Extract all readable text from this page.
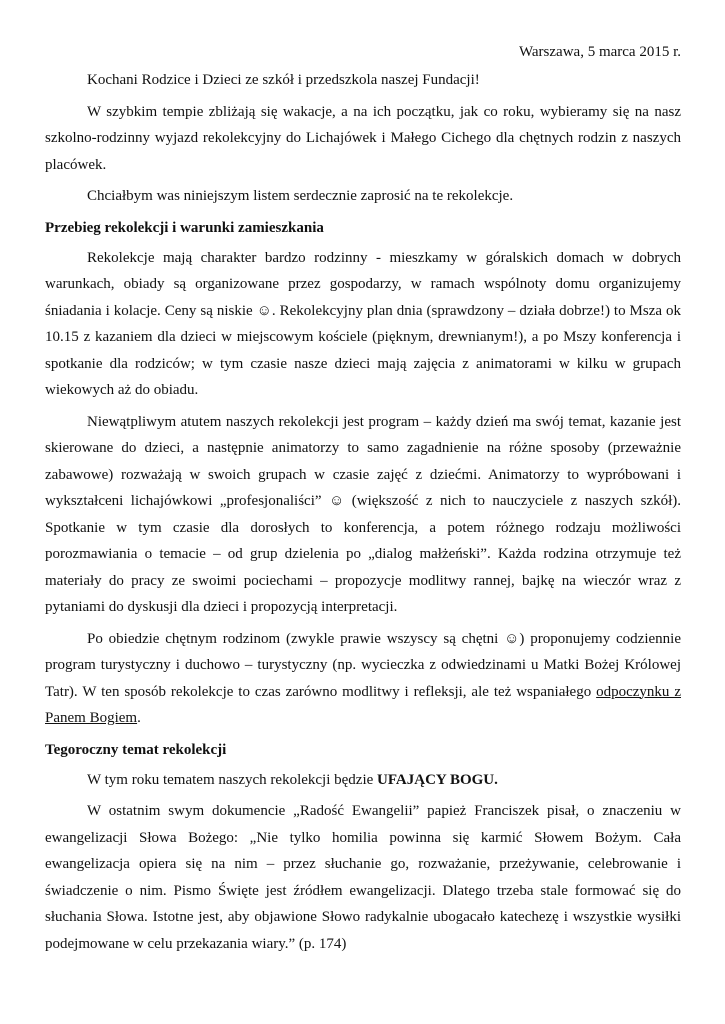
Warszawa, 5 marca 2015 r.

Kochani Rodzice i Dzieci ze szkół i przedszkola naszej Fundacji!

W szybkim tempie zbliżają się wakacje, a na ich początku, jak co roku, wybieramy się na nasz szkolno-rodzinny wyjazd rekolekcyjny do Lichajówek i Małego Cichego dla chętnych rodzin z naszych placówek.

Chciałbym was niniejszym listem serdecznie zaprosić na te rekolekcje.

Przebieg rekolekcji i warunki zamieszkania

Rekolekcje mają charakter bardzo rodzinny - mieszkamy w góralskich domach w dobrych warunkach, obiady są organizowane przez gospodarzy, w ramach wspólnoty domu organizujemy śniadania i kolacje. Ceny są niskie ☺. Rekolekcyjny plan dnia (sprawdzony – działa dobrze!) to Msza ok 10.15 z kazaniem dla dzieci w miejscowym kościele (pięknym, drewnianym!), a po Mszy konferencja i spotkanie dla rodziców; w tym czasie nasze dzieci mają zajęcia z animatorami w kilku w grupach wiekowych aż do obiadu.

Niewątpliwym atutem naszych rekolekcji jest program – każdy dzień ma swój temat, kazanie jest skierowane do dzieci, a następnie animatorzy to samo zagadnienie na różne sposoby (przeważnie zabawowe) rozważają w swoich grupach w czasie zajęć z dziećmi. Animatorzy to wypróbowani i wykształceni lichajówkowi „profesjonaliści” ☺ (większość z nich to nauczyciele z naszych szkół). Spotkanie w tym czasie dla dorosłych to konferencja, a potem różnego rodzaju możliwości porozmawiania o temacie – od grup dzielenia po „dialog małżeński”. Każda rodzina otrzymuje też materiały do pracy ze swoimi pociechami – propozycje modlitwy rannej, bajkę na wieczór wraz z pytaniami do dyskusji dla dzieci i propozycją interpretacji.

Po obiedzie chętnym rodzinom (zwykle prawie wszyscy są chętni ☺) proponujemy codziennie program turystyczny i duchowo – turystyczny (np. wycieczka z odwiedzinami u Matki Bożej Królowej Tatr). W ten sposób rekolekcje to czas zarówno modlitwy i refleksji, ale też wspaniałego odpoczynku z Panem Bogiem.

Tegoroczny temat rekolekcji

W tym roku tematem naszych rekolekcji będzie UFAJĄCY BOGU.

W ostatnim swym dokumencie „Radość Ewangelii” papież Franciszek pisał, o znaczeniu w ewangelizacji Słowa Bożego: „Nie tylko homilia powinna się karmić Słowem Bożym. Cała ewangelizacja opiera się na nim – przez słuchanie go, rozważanie, przeżywanie, celebrowanie i świadczenie o nim. Pismo Święte jest źródłem ewangelizacji. Dlatego trzeba stale formować się do słuchania Słowa. Istotne jest, aby objawione Słowo radykalnie ubogacało katechezę i wszystkie wysiłki podejmowane w celu przekazania wiary.” (p. 174)
